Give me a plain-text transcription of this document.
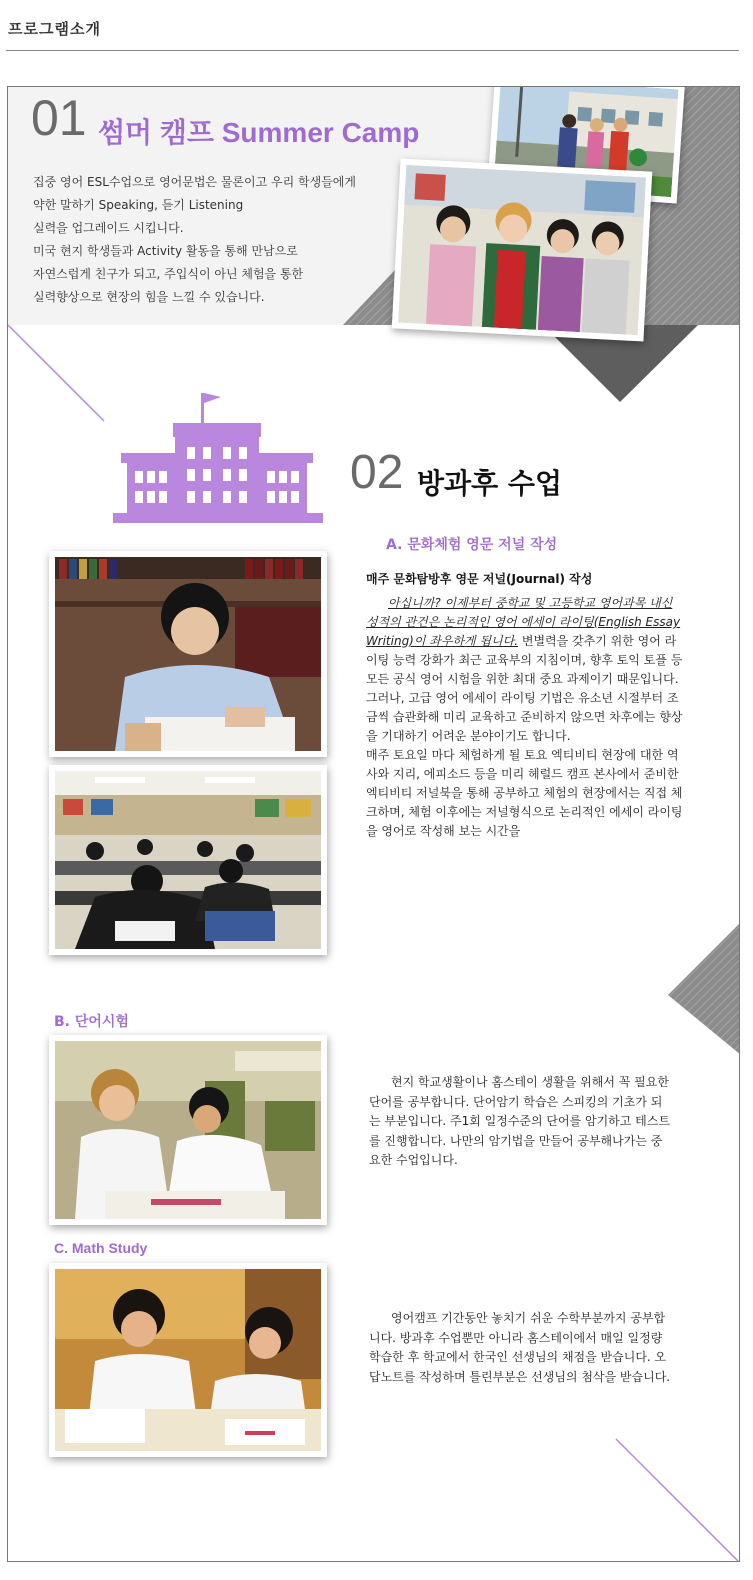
프로그램소개
01 썸머 캠프 Summer Camp
집중 영어 ESL수업으로 영어문법은 물론이고 우리 학생들에게
약한 말하기 Speaking, 듣기 Listening
실력을 업그레이드 시킵니다.
미국 현지 학생들과 Activity 활동을 통해 만남으로
자연스럽게 친구가 되고, 주입식이 아닌 체험을 통한
실력향상으로 현장의 힘을 느낄 수 있습니다.
02 방과후 수업
A. 문화체험 영문 저널 작성
매주 문화탐방후 영문 저널(Journal) 작성
아십니까? 이제부터 중학교 및 고등학교 영어과목 내신 성적의 관건은 논리적인 영어 에세이 라이팅(English Essay Writing)이 좌우하게 됩니다. 변별력을 갖추기 위한 영어 라이팅 능력 강화가 최근 교육부의 지침이며, 향후 토익 토플 등 모든 공식 영어 시험을 위한 최대 중요 과제이기 때문입니다. 그러나, 고급 영어 에세이 라이팅 기법은 유소년 시절부터 조금씩 습관화해 미리 교육하고 준비하지 않으면 차후에는 향상을 기대하기 어려운 분야이기도 합니다.
매주 토요일 마다 체험하게 될 토요 엑티비티 현장에 대한 역사와 지리, 에피소드 등을 미리 헤럴드 캠프 본사에서 준비한 엑티비티 저널북을 통해 공부하고 체험의 현장에서는 직접 체크하며, 체험 이후에는 저널형식으로 논리적인 에세이 라이팅을 영어로 작성해 보는 시간을
B. 단어시험
현지 학교생활이나 홈스테이 생활을 위해서 꼭 필요한 단어를 공부합니다. 단어암기 학습은 스피킹의 기초가 되는 부분입니다. 주1회 일정수준의 단어를 암기하고 테스트를 진행합니다. 나만의 암기법을 만들어 공부해나가는 중요한 수업입니다.
C. Math Study
영어캠프 기간동안 놓치기 쉬운 수학부분까지 공부합니다. 방과후 수업뿐만 아니라 홈스테이에서 매일 일정량 학습한 후 학교에서 한국인 선생님의 채점을 받습니다. 오답노트를 작성하며 틀린부분은 선생님의 첨삭을 받습니다.
